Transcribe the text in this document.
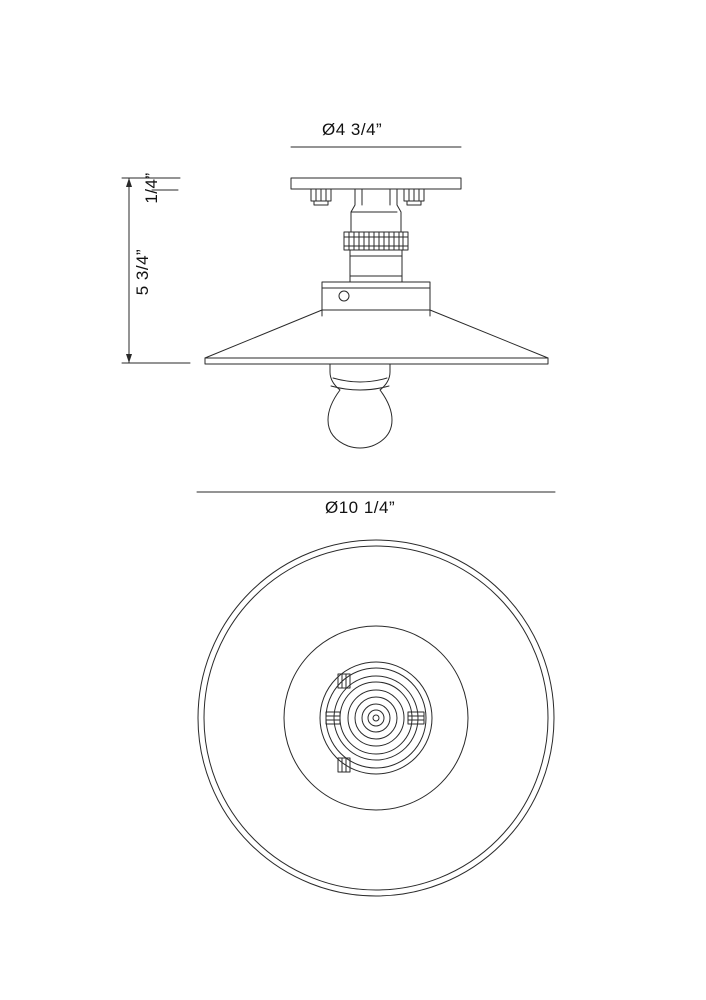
Ø4 3/4”
1/4”
5 3/4”
Ø10 1/4”
